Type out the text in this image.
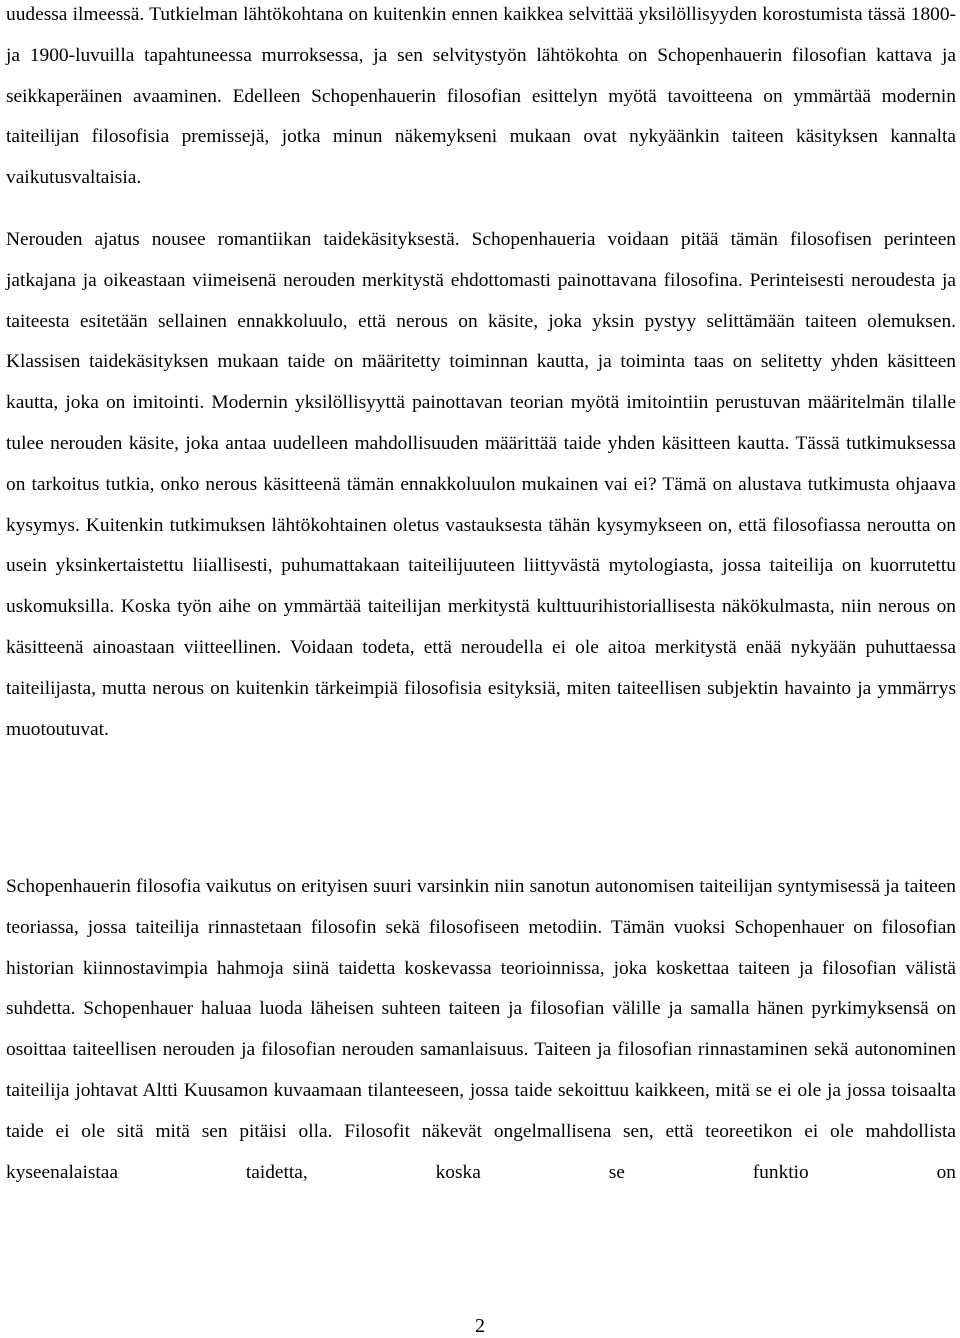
uudessa ilmeessä. Tutkielman lähtökohtana on kuitenkin ennen kaikkea selvittää yksilöllisyyden korostumista tässä 1800- ja 1900-luvuilla tapahtuneessa murroksessa, ja sen selvitystyön lähtökohta on Schopenhauerin filosofian kattava ja seikkaperäinen avaaminen. Edelleen Schopenhauerin filosofian esittelyn myötä tavoitteena on ymmärtää modernin taiteilijan filosofisia premissejä, jotka minun näkemykseni mukaan ovat nykyäänkin taiteen käsityksen kannalta vaikutusvaltaisia.

Nerouden ajatus nousee romantiikan taidekäsityksestä. Schopenhaueria voidaan pitää tämän filosofisen perinteen jatkajana ja oikeastaan viimeisenä nerouden merkitystä ehdottomasti painottavana filosofina. Perinteisesti neroudesta ja taiteesta esitetään sellainen ennakkoluulo, että nerous on käsite, joka yksin pystyy selittämään taiteen olemuksen. Klassisen taidekäsityksen mukaan taide on määritetty toiminnan kautta, ja toiminta taas on selitetty yhden käsitteen kautta, joka on imitointi. Modernin yksilöllisyyttä painottavan teorian myötä imitointiin perustuvan määritelmän tilalle tulee nerouden käsite, joka antaa uudelleen mahdollisuuden määrittää taide yhden käsitteen kautta. Tässä tutkimuksessa on tarkoitus tutkia, onko nerous käsitteenä tämän ennakkoluulon mukainen vai ei? Tämä on alustava tutkimusta ohjaava kysymys. Kuitenkin tutkimuksen lähtökohtainen oletus vastauksesta tähän kysymykseen on, että filosofiassa neroutta on usein yksinkertaistettu liiallisesti, puhumattakaan taiteilijuuteen liittyvästä mytologiasta, jossa taiteilija on kuorrutettu uskomuksilla. Koska työn aihe on ymmärtää taiteilijan merkitystä kulttuurihistoriallisesta näkökulmasta, niin nerous on käsitteenä ainoastaan viitteellinen. Voidaan todeta, että neroudella ei ole aitoa merkitystä enää nykyään puhuttaessa taiteilijasta, mutta nerous on kuitenkin tärkeimpiä filosofisia esityksiä, miten taiteellisen subjektin havainto ja ymmärrys muotoutuvat.

Schopenhauerin filosofia vaikutus on erityisen suuri varsinkin niin sanotun autonomisen taiteilijan syntymisessä ja taiteen teoriassa, jossa taiteilija rinnastetaan filosofin sekä filosofiseen metodiin. Tämän vuoksi Schopenhauer on filosofian historian kiinnostavimpia hahmoja siinä taidetta koskevassa teorioinnissa, joka koskettaa taiteen ja filosofian välistä suhdetta. Schopenhauer haluaa luoda läheisen suhteen taiteen ja filosofian välille ja samalla hänen pyrkimyksensä on osoittaa taiteellisen nerouden ja filosofian nerouden samanlaisuus. Taiteen ja filosofian rinnastaminen sekä autonominen taiteilija johtavat Altti Kuusamon kuvaamaan tilanteeseen, jossa taide sekoittuu kaikkeen, mitä se ei ole ja jossa toisaalta taide ei ole sitä mitä sen pitäisi olla. Filosofit näkevät ongelmallisena sen, että teoreetikon ei ole mahdollista kyseenalaistaa taidetta, koska se funktio on

2
